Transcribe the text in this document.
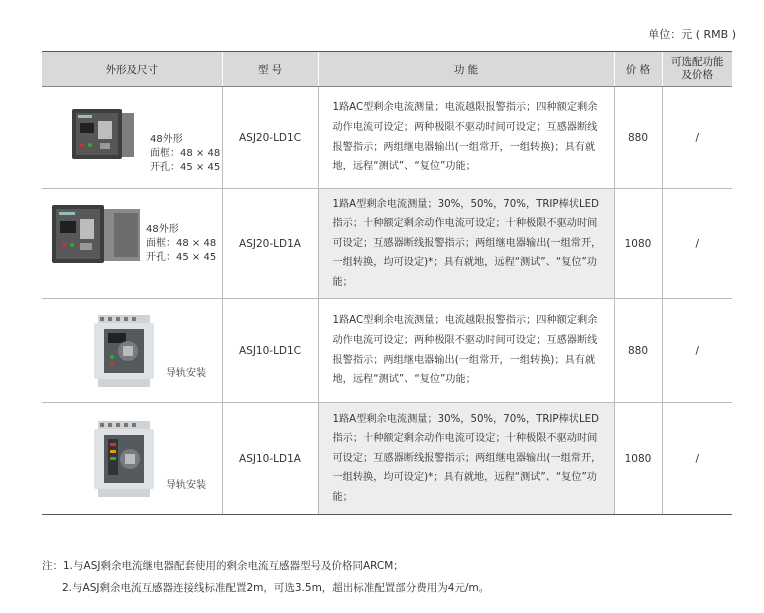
单位：元 ( RMB )
外形及尺寸	型 号	功 能	价 格	可选配功能及价格

48外形
面框：48 × 48
开孔：45 × 45	ASJ20-LD1C	1路AC型剩余电流测量；电流越限报警指示；四种额定剩余动作电流可设定；两种极限不驱动时间可设定；互感器断线报警指示；两组继电器输出(一组常开，一组转换)；具有就地，远程“测试”、“复位”功能；	880	/

48外形
面框：48 × 48
开孔：45 × 45	ASJ20-LD1A	1路A型剩余电流测量；30%，50%，70%，TRIP棒状LED指示；十种额定剩余动作电流可设定；十种极限不驱动时间可设定；互感器断线报警指示；两组继电器输出(一组常开，一组转换，均可设定)*；具有就地，远程“测试”、“复位”功能；	1080	/

导轨安装	ASJ10-LD1C	1路AC型剩余电流测量；电流越限报警指示；四种额定剩余动作电流可设定；两种极限不驱动时间可设定；互感器断线报警指示；两组继电器输出(一组常开，一组转换)；具有就地，远程“测试”、“复位”功能；	880	/

导轨安装	ASJ10-LD1A	1路A型剩余电流测量；30%，50%，70%，TRIP棒状LED指示；十种额定剩余动作电流可设定；十种极限不驱动时间可设定；互感器断线报警指示；两组继电器输出(一组常开，一组转换，均可设定)*；具有就地，远程“测试”、“复位”功能；	1080	/
注：1.与ASJ剩余电流继电器配套使用的剩余电流互感器型号及价格同ARCM；
2.与ASJ剩余电流互感器连接线标准配置2m，可选3.5m，超出标准配置部分费用为4元/m。
